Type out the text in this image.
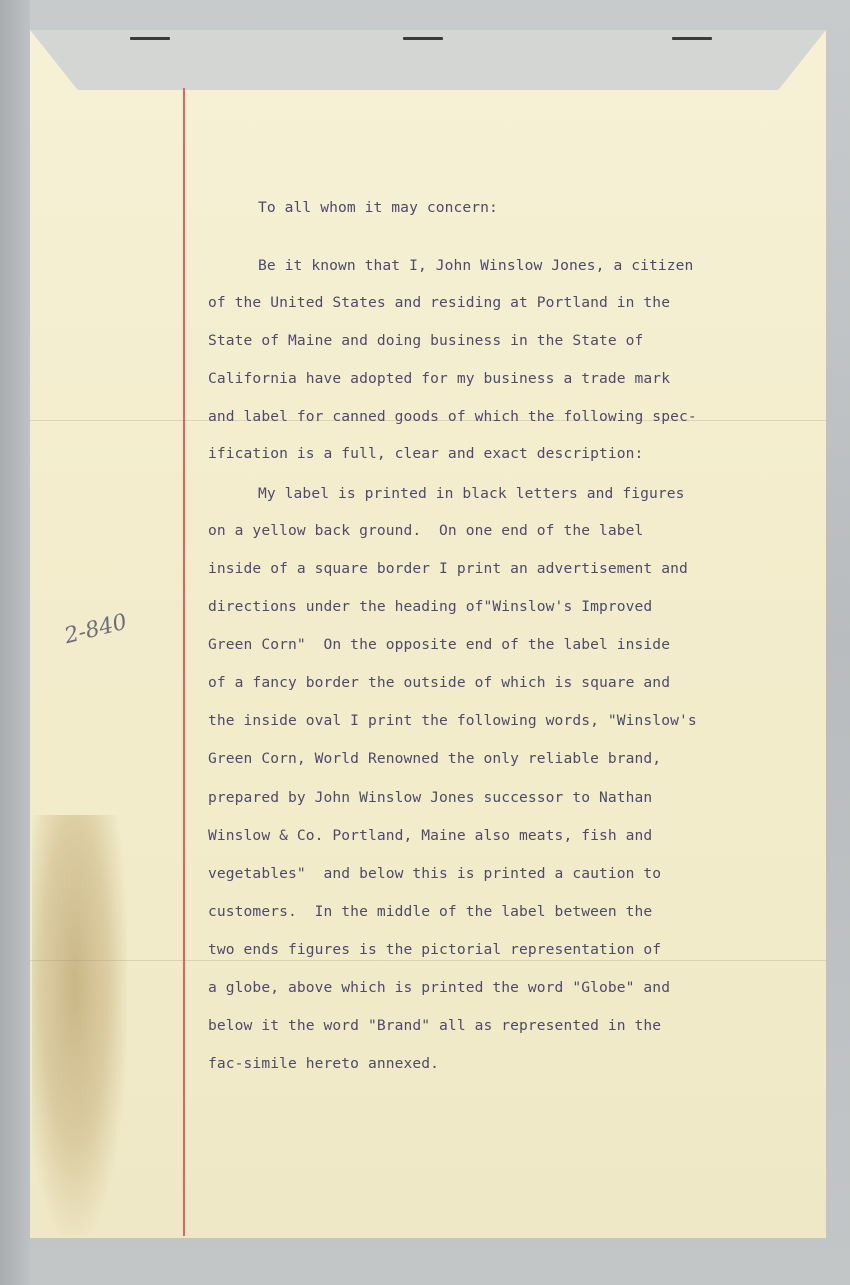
2-840
To all whom it may concern:
Be it known that I, John Winslow Jones, a citizen
of the United States and residing at Portland in the
State of Maine and doing business in the State of
California have adopted for my business a trade mark
and label for canned goods of which the following spec-
ification is a full, clear and exact description:
My label is printed in black letters and figures
on a yellow back ground.  On one end of the label
inside of a square border I print an advertisement and
directions under the heading of"Winslow's Improved
Green Corn"  On the opposite end of the label inside
of a fancy border the outside of which is square and
the inside oval I print the following words, "Winslow's
Green Corn, World Renowned the only reliable brand,
prepared by John Winslow Jones successor to Nathan
Winslow & Co. Portland, Maine also meats, fish and
vegetables"  and below this is printed a caution to
customers.  In the middle of the label between the
two ends figures is the pictorial representation of
a globe, above which is printed the word "Globe" and
below it the word "Brand" all as represented in the
fac-simile hereto annexed.
